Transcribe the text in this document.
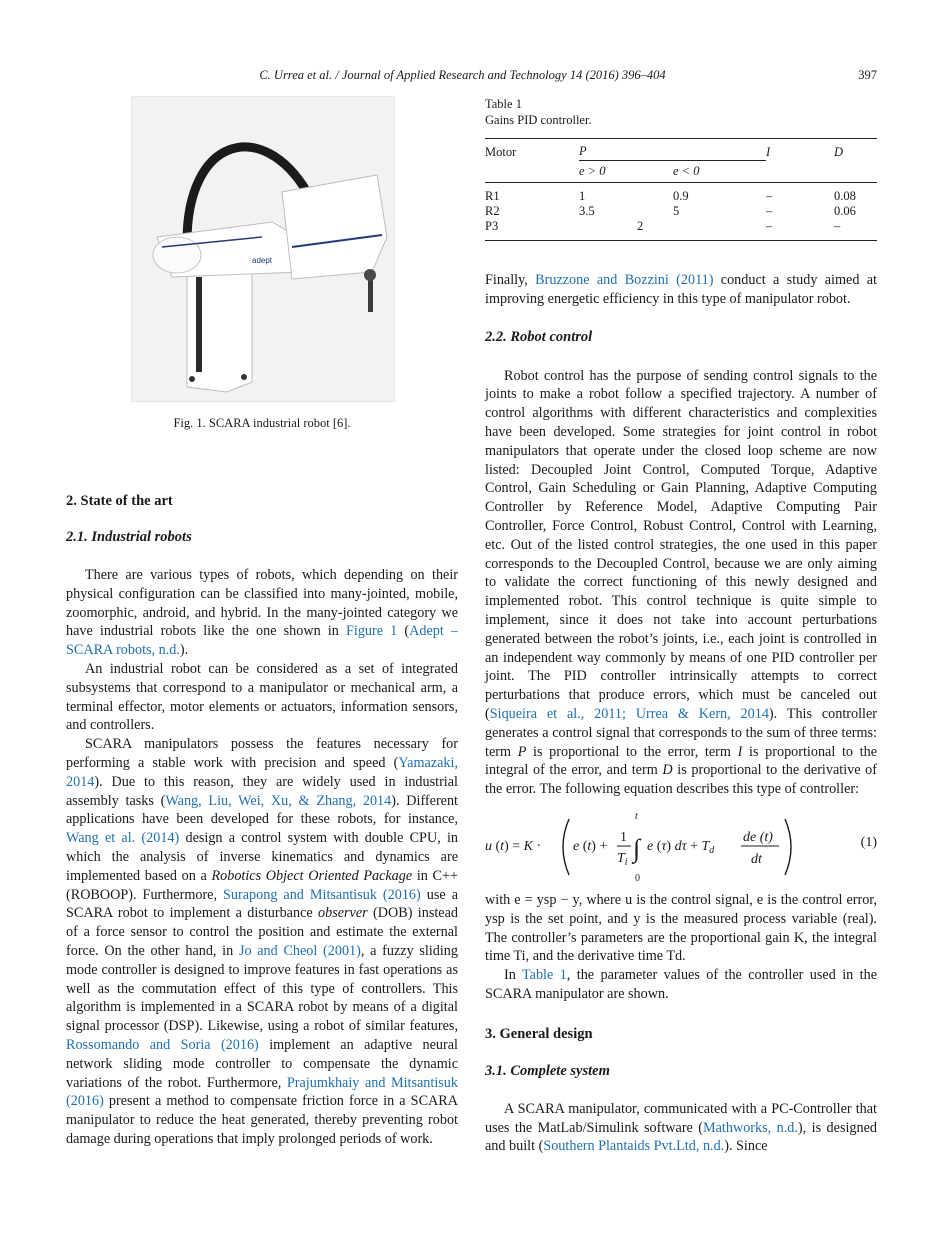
C. Urrea et al. / Journal of Applied Research and Technology 14 (2016) 396–404	397
adept
Fig. 1. SCARA industrial robot [6].
2. State of the art
2.1. Industrial robots

There are various types of robots, which depending on their physical configuration can be classified into many-jointed, mobile, zoomorphic, android, and hybrid. In the many-jointed category we have industrial robots like the one shown in Figure 1 (Adept – SCARA robots, n.d.).

An industrial robot can be considered as a set of integrated subsystems that correspond to a manipulator or mechanical arm, a terminal effector, motor elements or actuators, information sensors, and controllers.

SCARA manipulators possess the features necessary for performing a stable work with precision and speed (Yamazaki, 2014). Due to this reason, they are widely used in industrial assembly tasks (Wang, Liu, Wei, Xu, & Zhang, 2014). Different applications have been developed for these robots, for instance, Wang et al. (2014) design a control system with double CPU, in which the analysis of inverse kinematics and dynamics are implemented based on a Robotics Object Oriented Package in C++ (ROBOOP). Furthermore, Surapong and Mitsantisuk (2016) use a SCARA robot to implement a disturbance observer (DOB) instead of a force sensor to control the position and estimate the external force. On the other hand, in Jo and Cheol (2001), a fuzzy sliding mode controller is designed to improve features in fast operations as well as the commutation effect of this type of controllers. This algorithm is implemented in a SCARA robot by means of a digital signal processor (DSP). Likewise, using a robot of similar features, Rossomando and Soria (2016) implement an adaptive neural network sliding mode controller to compensate the dynamic variations of the robot. Furthermore, Prajumkhaiy and Mitsantisuk (2016) present a method to compensate friction force in a SCARA manipulator to reduce the heat generated, thereby preventing robot damage during operations that imply prolonged periods of work.

Table 1
Gains PID controller.
Motor	P		I	D
	e > 0	e < 0		
R1	1	0.9	–	0.08
R2	3.5	5	–	0.06
P3	2		–	–

Finally, Bruzzone and Bozzini (2011) conduct a study aimed at improving energetic efficiency in this type of manipulator robot.

2.2. Robot control

Robot control has the purpose of sending control signals to the joints to make a robot follow a specified trajectory. A number of control algorithms with different characteristics and complexities have been developed. Some strategies for joint control in robot manipulators that operate under the closed loop scheme are now listed: Decoupled Joint Control, Computed Torque, Adaptive Control, Gain Scheduling or Gain Planning, Adaptive Computing Controller by Reference Model, Adaptive Computing Pair Controller, Force Control, Robust Control, Control with Learning, etc. Out of the listed control strategies, the one used in this paper corresponds to the Decoupled Control, because we are only aiming to validate the correct functioning of this newly designed and implemented robot. This control technique is quite simple to implement, since it does not take into account perturbations generated between the robot’s joints, i.e., each joint is controlled in an independent way commonly by means of one PID controller per joint. The PID controller intrinsically attempts to correct perturbations that produce errors, which must be canceled out (Siqueira et al., 2011; Urrea & Kern, 2014). This controller generates a control signal that corresponds to the sum of three terms: term P is proportional to the error, term I is proportional to the integral of the error, and term D is proportional to the derivative of the error. The following equation describes this type of controller:

u (t) = K · e (t) +
1
$T_i$
t
∫
0
e (τ) $d\tau + T_d$
de (t)
dt
(1)

with e = ysp − y, where u is the control signal, e is the control error, ysp is the set point, and y is the measured process variable (real). The controller’s parameters are the proportional gain K, the integral time Ti, and the derivative time Td.

In Table 1, the parameter values of the controller used in the SCARA manipulator are shown.

3. General design
3.1. Complete system

A SCARA manipulator, communicated with a PC-Controller that uses the MatLab/Simulink software (Mathworks, n.d.), is designed and built (Southern Plantaids Pvt.Ltd, n.d.). Since
